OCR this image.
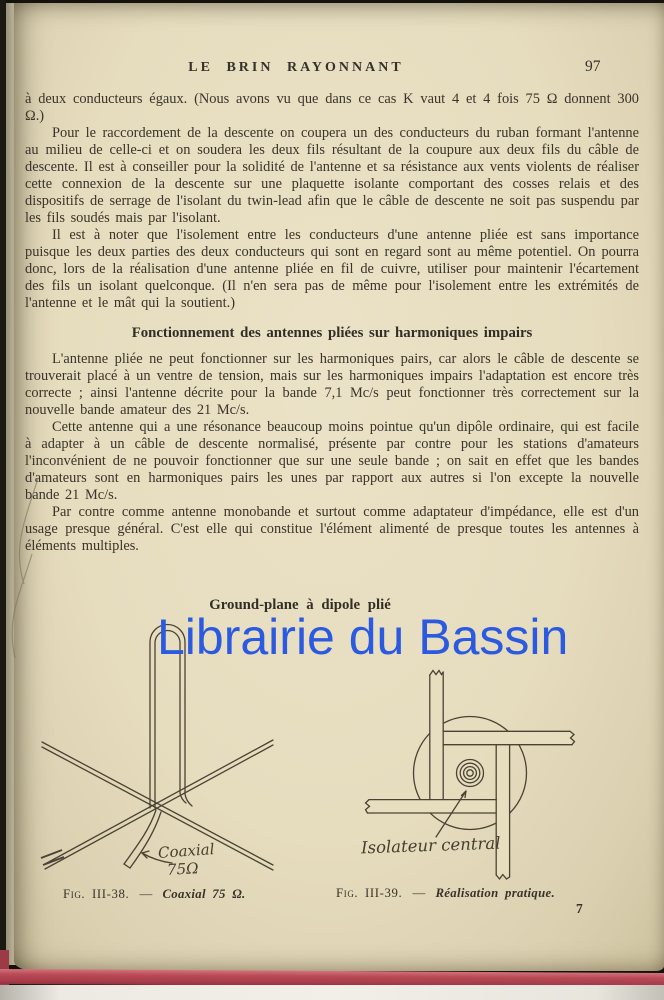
LE BRIN RAYONNANT	97

à deux conducteurs égaux. (Nous avons vu que dans ce cas K vaut 4 et 4 fois 75 Ω donnent 300 Ω.)

Pour le raccordement de la descente on coupera un des conducteurs du ruban formant l'antenne au milieu de celle-ci et on soudera les deux fils résultant de la coupure aux deux fils du câble de descente. Il est à conseiller pour la solidité de l'antenne et sa résistance aux vents violents de réaliser cette connexion de la descente sur une plaquette isolante comportant des cosses relais et des dispositifs de serrage de l'isolant du twin-lead afin que le câble de descente ne soit pas suspendu par les fils soudés mais par l'isolant.

Il est à noter que l'isolement entre les conducteurs d'une antenne pliée est sans importance puisque les deux parties des deux conducteurs qui sont en regard sont au même potentiel. On pourra donc, lors de la réalisation d'une antenne pliée en fil de cuivre, utiliser pour maintenir l'écartement des fils un isolant quelconque. (Il n'en sera pas de même pour l'isolement entre les extrémités de l'antenne et le mât qui la soutient.)

Fonctionnement des antennes pliées sur harmoniques impairs

L'antenne pliée ne peut fonctionner sur les harmoniques pairs, car alors le câble de descente se trouverait placé à un ventre de tension, mais sur les harmoniques impairs l'adaptation est encore très correcte ; ainsi l'antenne décrite pour la bande 7,1 Mc/s peut fonctionner très correctement sur la nouvelle bande amateur des 21 Mc/s.

Cette antenne qui a une résonance beaucoup moins pointue qu'un dipôle ordinaire, qui est facile à adapter à un câble de descente normalisé, présente par contre pour les stations d'amateurs l'inconvénient de ne pouvoir fonctionner que sur une seule bande ; on sait en effet que les bandes d'amateurs sont en harmoniques pairs les unes par rapport aux autres si l'on excepte la nouvelle bande 21 Mc/s.

Par contre comme antenne monobande et surtout comme adaptateur d'impédance, elle est d'un usage presque général. C'est elle qui constitue l'élément alimenté de presque toutes les antennes à éléments multiples.

Ground-plane à dipole plié
Coaxial
75Ω
Isolateur central
Librairie du Bassin
Fig. III-38. — Coaxial 75 Ω.	Fig. III-39. — Réalisation pratique.
7
